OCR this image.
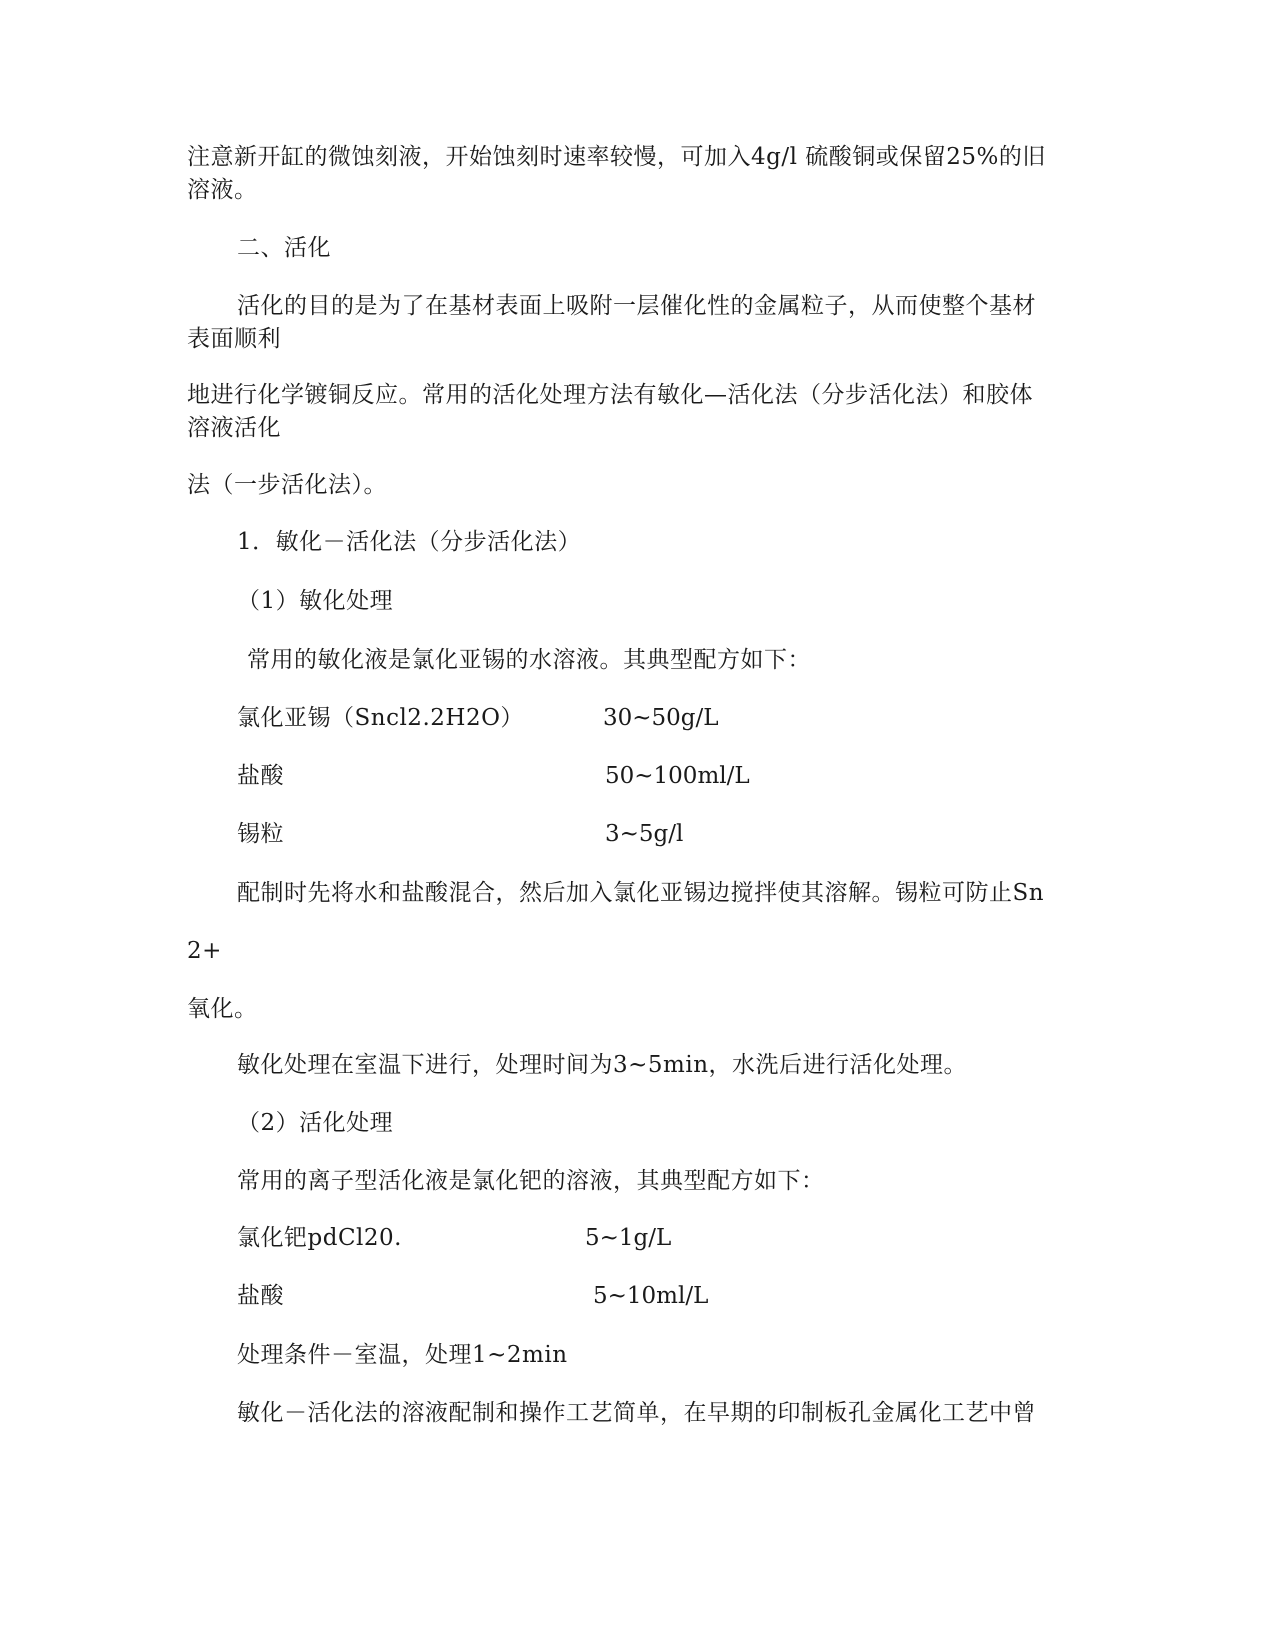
注意新开缸的微蚀刻液，开始蚀刻时速率较慢，可加入4g/l 硫酸铜或保留25%的旧
溶液。
二、活化
活化的目的是为了在基材表面上吸附一层催化性的金属粒子，从而使整个基材
表面顺利
地进行化学镀铜反应。常用的活化处理方法有敏化—活化法（分步活化法）和胶体
溶液活化
法（一步活化法）。
1．敏化－活化法（分步活化法）
（1）敏化处理
常用的敏化液是氯化亚锡的水溶液。其典型配方如下：
氯化亚锡（Sncl2.2H2O）	30~50g/L
盐酸	50~100ml/L
锡粒	3~5g/l
配制时先将水和盐酸混合，然后加入氯化亚锡边搅拌使其溶解。锡粒可防止Sn
2+
氧化。
敏化处理在室温下进行，处理时间为3~5min，水洗后进行活化处理。
（2）活化处理
常用的离子型活化液是氯化钯的溶液，其典型配方如下：
氯化钯pdCl20.	5~1g/L
盐酸	5~10ml/L
处理条件－室温，处理1~2min
敏化－活化法的溶液配制和操作工艺简单，在早期的印制板孔金属化工艺中曾
